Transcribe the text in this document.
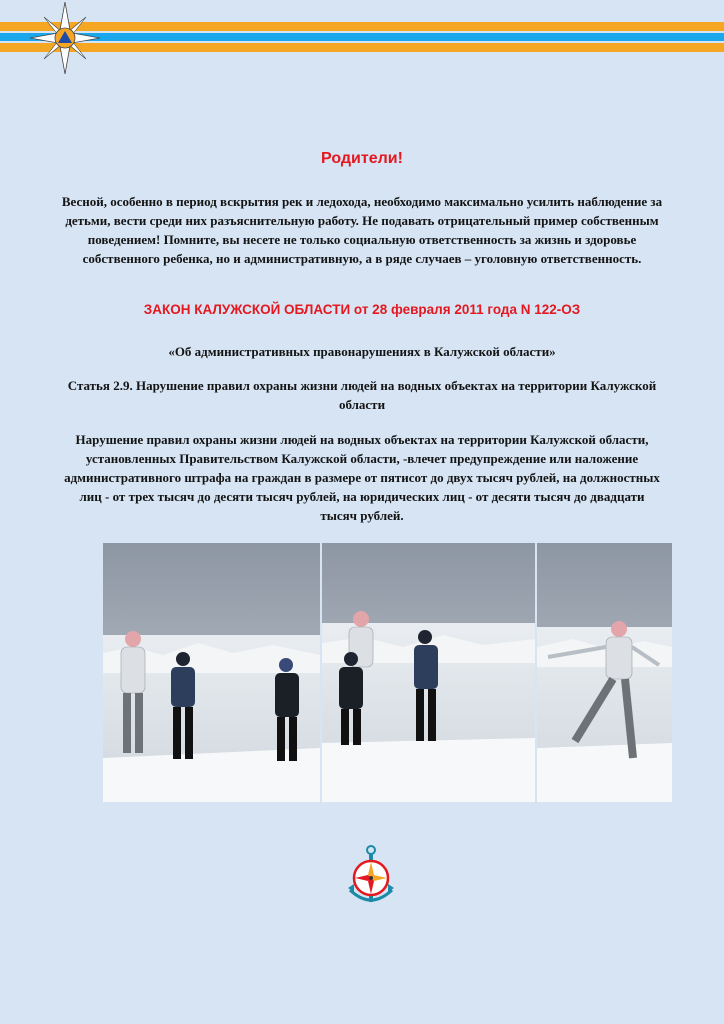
Родители!
Весной, особенно в период вскрытия рек и ледохода, необходимо максимально усилить наблюдение за детьми, вести среди них разъяснительную работу. Не подавать отрицательный пример собственным поведением! Помните, вы несете не только социальную ответственность за жизнь и здоровье собственного ребенка, но и административную, а в ряде случаев – уголовную ответственность.
ЗАКОН КАЛУЖСКОЙ ОБЛАСТИ от 28 февраля 2011 года N 122-ОЗ
«Об административных правонарушениях в Калужской области»
Статья 2.9. Нарушение правил охраны жизни людей на водных объектах на территории Калужской области
Нарушение правил охраны жизни людей на водных объектах на территории Калужской области, установленных Правительством Калужской области, -влечет предупреждение или наложение административного штрафа на граждан в размере от пятисот до двух тысяч рублей, на должностных лиц - от трех тысяч до десяти тысяч рублей, на юридических лиц - от десяти тысяч до двадцати тысяч рублей.
